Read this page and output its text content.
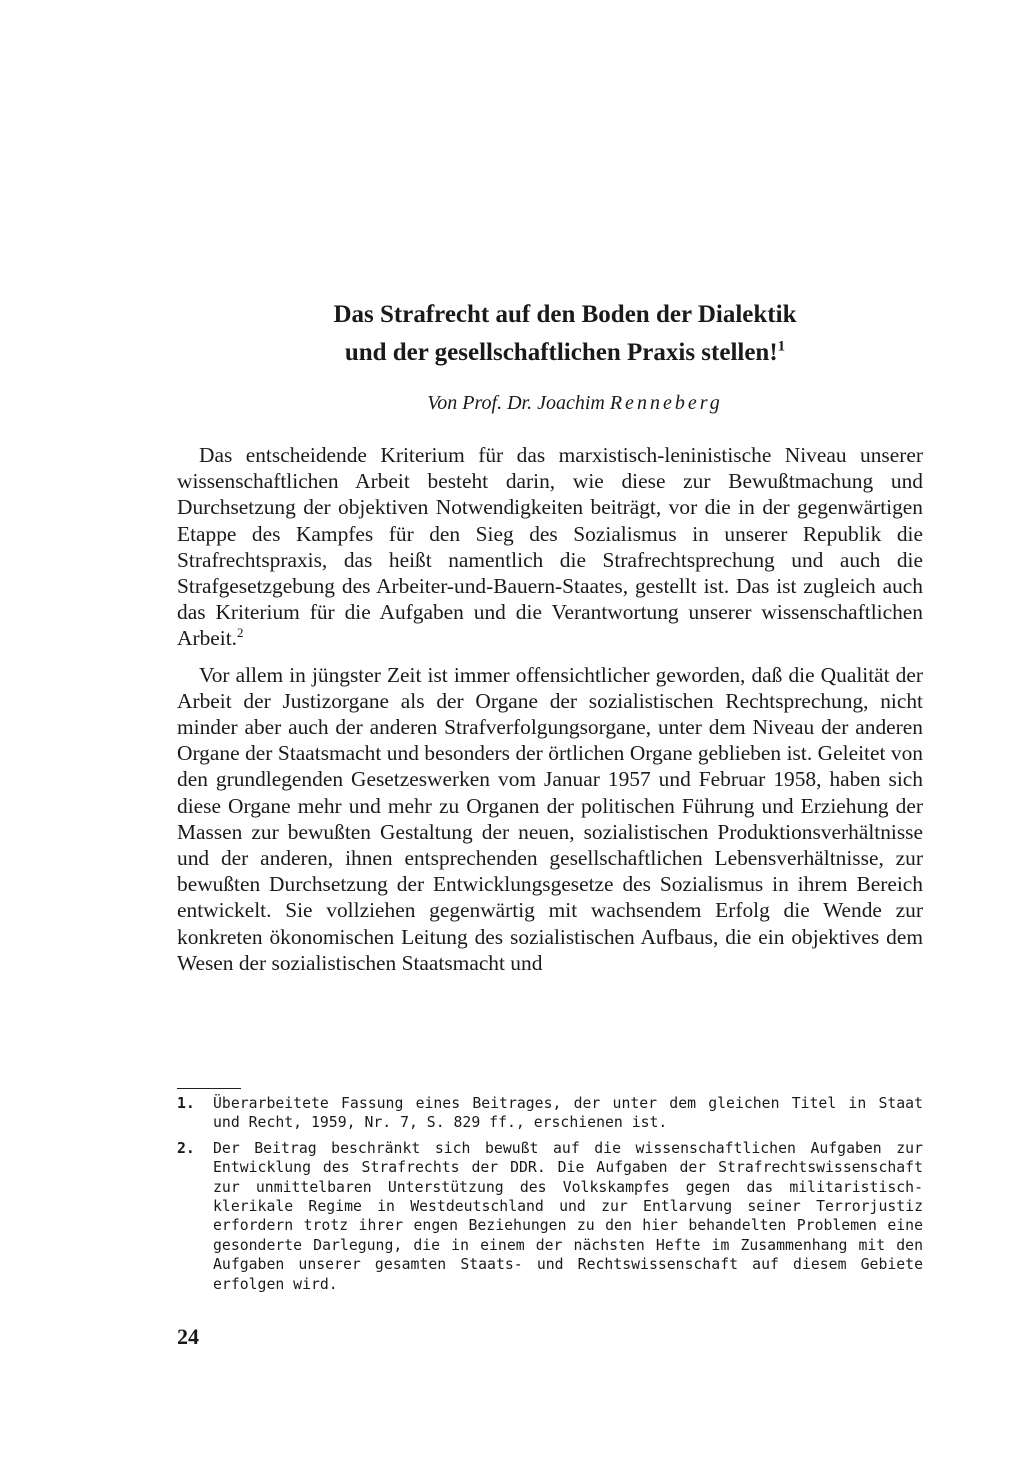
Das Strafrecht auf den Boden der Dialektik
und der gesellschaftlichen Praxis stellen!$^1$

Von Prof. Dr. Joachim Renneberg

Das entscheidende Kriterium für das marxistisch-leninistische Niveau unserer wissenschaftlichen Arbeit besteht darin, wie diese zur Bewußtmachung und Durchsetzung der objektiven Notwendigkeiten beiträgt, vor die in der gegenwärtigen Etappe des Kampfes für den Sieg des Sozialismus in unserer Republik die Strafrechtspraxis, das heißt namentlich die Strafrechtsprechung und auch die Strafgesetzgebung des Arbeiter-und-Bauern-Staates, gestellt ist. Das ist zugleich auch das Kriterium für die Aufgaben und die Verantwortung unserer wissenschaftlichen Arbeit.$^2$

Vor allem in jüngster Zeit ist immer offensichtlicher geworden, daß die Qualität der Arbeit der Justizorgane als der Organe der sozialistischen Rechtsprechung, nicht minder aber auch der anderen Strafverfolgungsorgane, unter dem Niveau der anderen Organe der Staatsmacht und besonders der örtlichen Organe geblieben ist. Geleitet von den grundlegenden Gesetzeswerken vom Januar 1957 und Februar 1958, haben sich diese Organe mehr und mehr zu Organen der politischen Führung und Erziehung der Massen zur bewußten Gestaltung der neuen, sozialistischen Produktionsverhältnisse und der anderen, ihnen entsprechenden gesellschaftlichen Lebensverhältnisse, zur bewußten Durchsetzung der Entwicklungsgesetze des Sozialismus in ihrem Bereich entwickelt. Sie vollziehen gegenwärtig mit wachsendem Erfolg die Wende zur konkreten ökonomischen Leitung des sozialistischen Aufbaus, die ein objektives dem Wesen der sozialistischen Staatsmacht und

1.	Überarbeitete Fassung eines Beitrages, der unter dem gleichen Titel in Staat und Recht, 1959, Nr. 7, S. 829 ff., erschienen ist.
2.	Der Beitrag beschränkt sich bewußt auf die wissenschaftlichen Aufgaben zur Entwicklung des Strafrechts der DDR. Die Aufgaben der Strafrechtswissenschaft zur unmittelbaren Unterstützung des Volkskampfes gegen das militaristisch-klerikale Regime in Westdeutschland und zur Entlarvung seiner Terrorjustiz erfordern trotz ihrer engen Beziehungen zu den hier behandelten Problemen eine gesonderte Darlegung, die in einem der nächsten Hefte im Zusammenhang mit den Aufgaben unserer gesamten Staats- und Rechtswissenschaft auf diesem Gebiete erfolgen wird.
24
